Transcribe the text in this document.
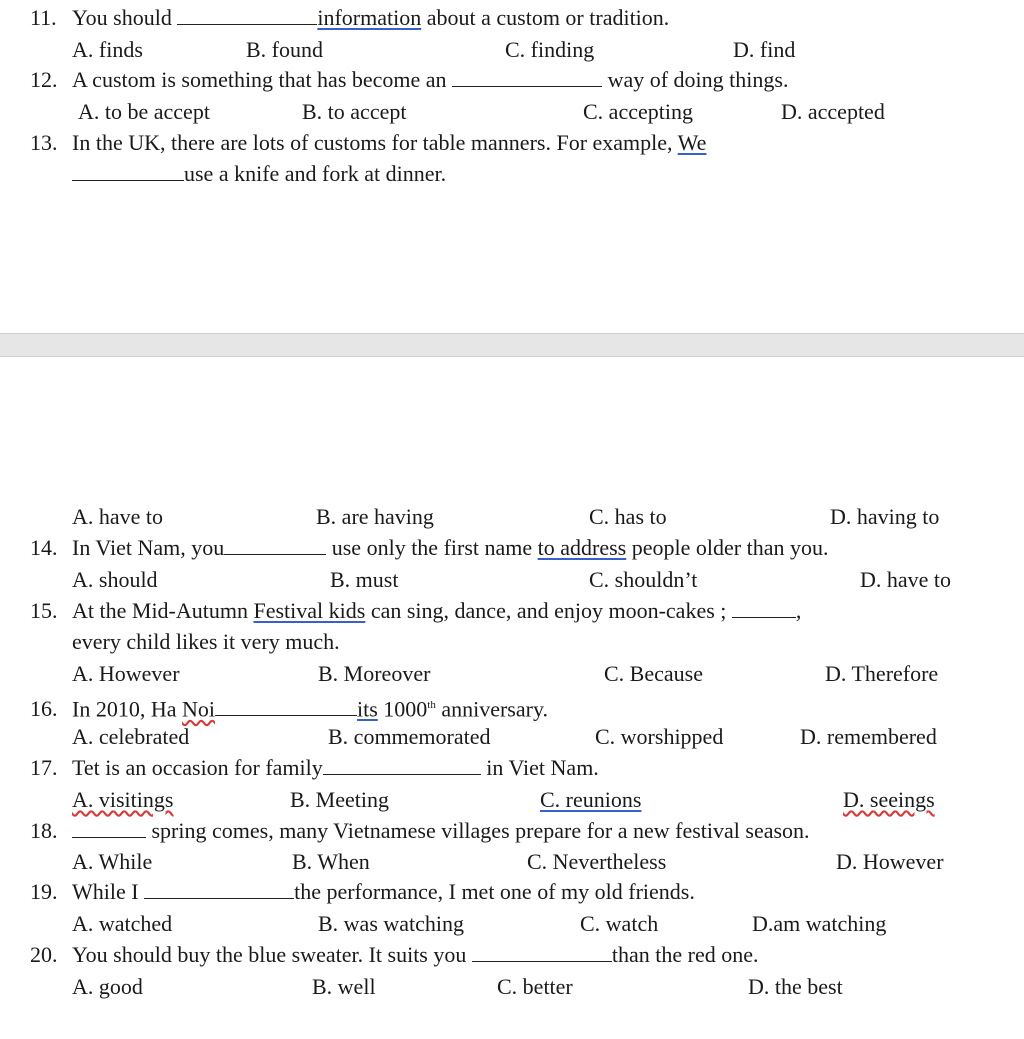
11. You should	information about a custom or tradition.
A. finds	B. found	C. finding	D. find
12. A custom is something that has become an	way of doing things.
A. to be accept	B. to accept	C. accepting	D. accepted
13. In the UK, there are lots of customs for table manners. For example, We
use a knife and fork at dinner.
A. have to	B. are having	C. has to	D. having to
14. In Viet Nam, you	use only the first name to address people older than you.
A. should	B. must	C. shouldn’t	D. have to
15. At the Mid-Autumn Festival kids can sing, dance, and enjoy moon-cakes ;	,
every child likes it very much.
A. However	B. Moreover	C. Because	D. Therefore
16. In 2010, Ha Noi	its 1000th anniversary.
A. celebrated	B. commemorated	C. worshipped	D. remembered
17. Tet is an occasion for family	in Viet Nam.
A. visitings	B. Meeting	C. reunions	D. seeings
18.	spring comes, many Vietnamese villages prepare for a new festival season.
A. While	B. When	C. Nevertheless	D. However
19. While I	the performance, I met one of my old friends.
A. watched	B. was watching	C. watch	D.am watching
20. You should buy the blue sweater. It suits you	than the red one.
A. good	B. well	C. better	D. the best
